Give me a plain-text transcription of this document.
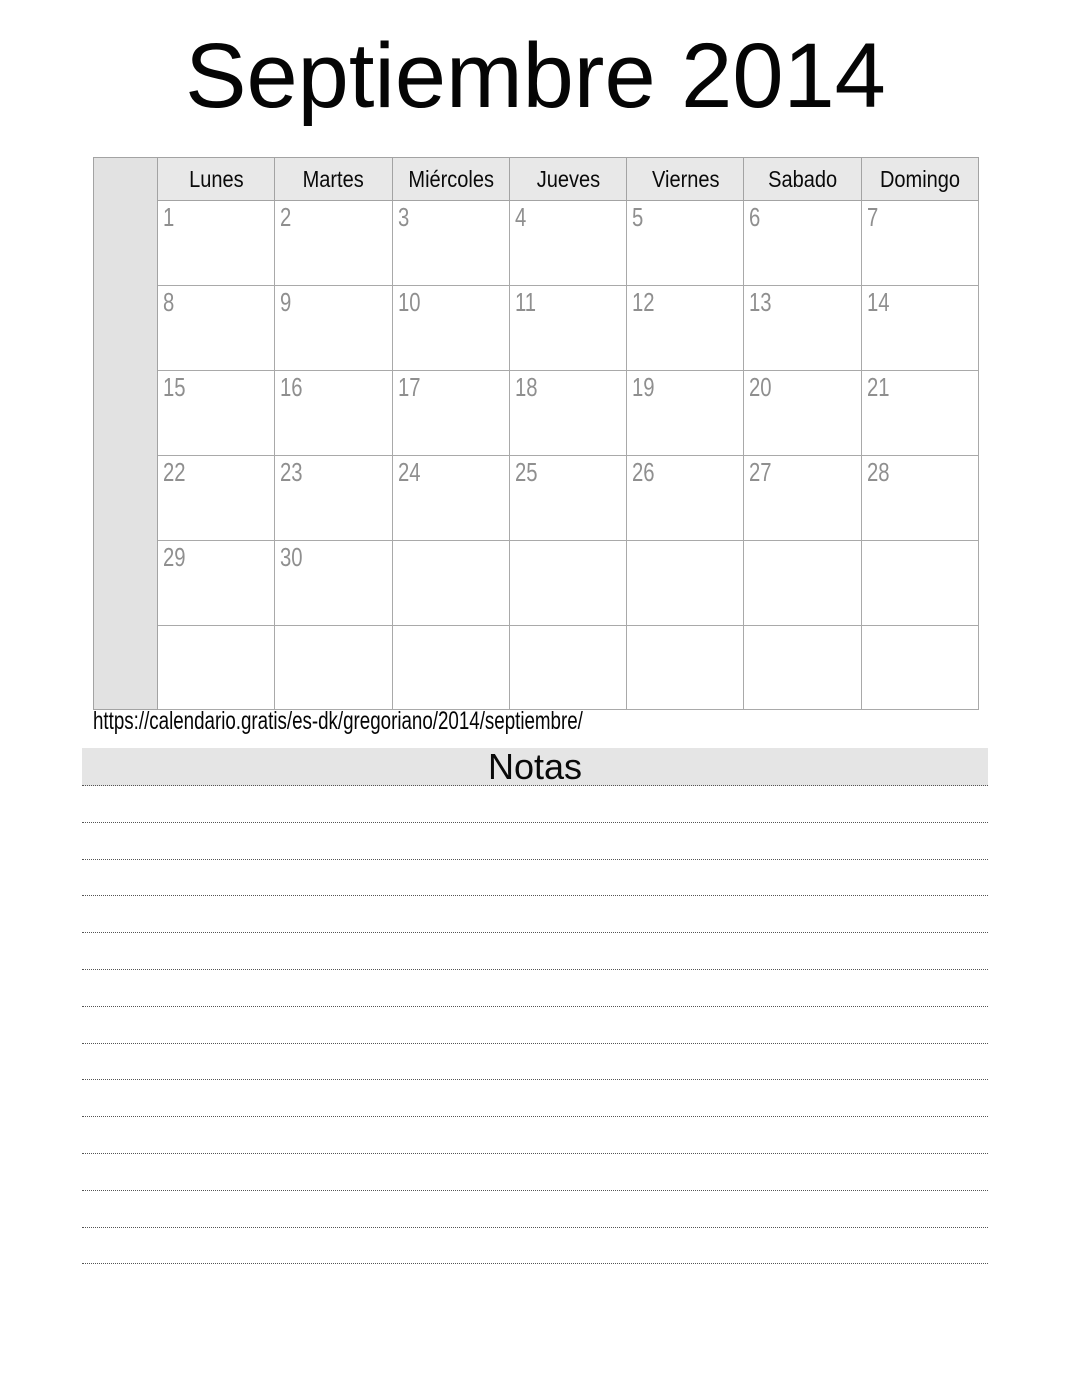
Septiembre 2014
	Lunes	Martes	Miércoles	Jueves	Viernes	Sabado	Domingo
	1	2	3	4	5	6	7
	8	9	10	11	12	13	14
	15	16	17	18	19	20	21
	22	23	24	25	26	27	28
	29	30					

https://calendario.gratis/es-dk/gregoriano/2014/septiembre/
Notas
